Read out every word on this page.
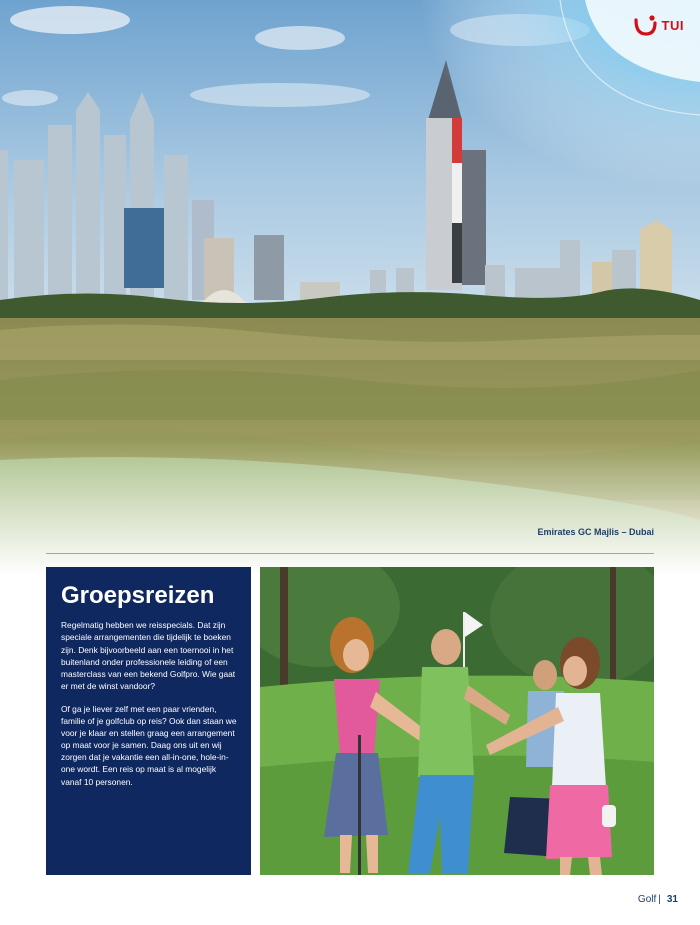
TUI
Emirates GC Majlis – Dubai
Groepsreizen

Regelmatig hebben we reisspecials. Dat zijn speciale arrangementen die tijdelijk te boeken zijn. Denk bijvoorbeeld aan een toernooi in het buitenland onder professionele leiding of een masterclass van een bekend Golfpro. Wie gaat er met de winst vandoor?

Of ga je liever zelf met een paar vrienden, familie of je golfclub op reis? Ook dan staan we voor je klaar en stellen graag een arrangement op maat voor je samen. Daag ons uit en wij zorgen dat je vakantie een all-in-one, hole-in-one wordt. Een reis op maat is al mogelijk vanaf 10 personen.

Golf | 31
